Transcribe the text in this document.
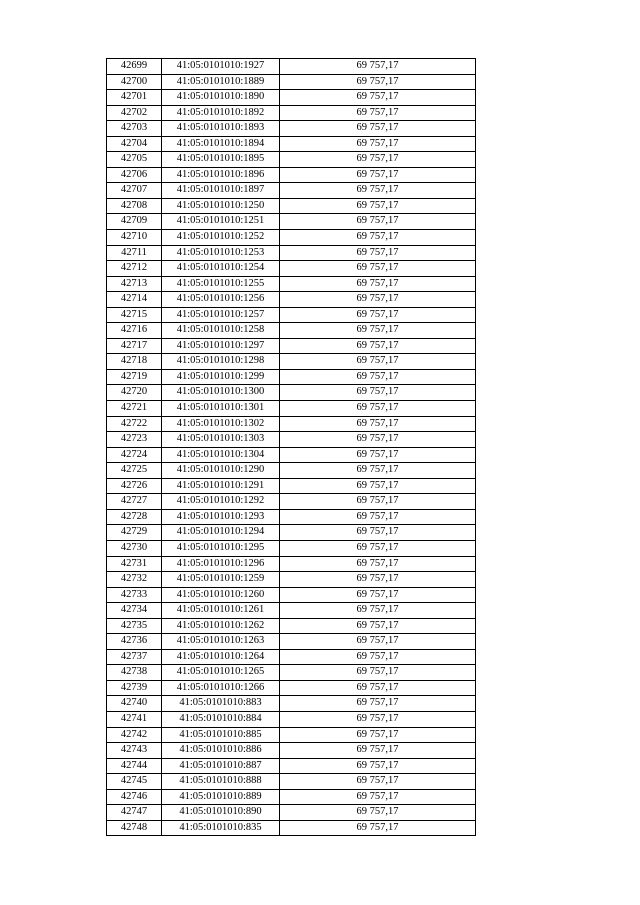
42699	41:05:0101010:1927	69 757,17
42700	41:05:0101010:1889	69 757,17
42701	41:05:0101010:1890	69 757,17
42702	41:05:0101010:1892	69 757,17
42703	41:05:0101010:1893	69 757,17
42704	41:05:0101010:1894	69 757,17
42705	41:05:0101010:1895	69 757,17
42706	41:05:0101010:1896	69 757,17
42707	41:05:0101010:1897	69 757,17
42708	41:05:0101010:1250	69 757,17
42709	41:05:0101010:1251	69 757,17
42710	41:05:0101010:1252	69 757,17
42711	41:05:0101010:1253	69 757,17
42712	41:05:0101010:1254	69 757,17
42713	41:05:0101010:1255	69 757,17
42714	41:05:0101010:1256	69 757,17
42715	41:05:0101010:1257	69 757,17
42716	41:05:0101010:1258	69 757,17
42717	41:05:0101010:1297	69 757,17
42718	41:05:0101010:1298	69 757,17
42719	41:05:0101010:1299	69 757,17
42720	41:05:0101010:1300	69 757,17
42721	41:05:0101010:1301	69 757,17
42722	41:05:0101010:1302	69 757,17
42723	41:05:0101010:1303	69 757,17
42724	41:05:0101010:1304	69 757,17
42725	41:05:0101010:1290	69 757,17
42726	41:05:0101010:1291	69 757,17
42727	41:05:0101010:1292	69 757,17
42728	41:05:0101010:1293	69 757,17
42729	41:05:0101010:1294	69 757,17
42730	41:05:0101010:1295	69 757,17
42731	41:05:0101010:1296	69 757,17
42732	41:05:0101010:1259	69 757,17
42733	41:05:0101010:1260	69 757,17
42734	41:05:0101010:1261	69 757,17
42735	41:05:0101010:1262	69 757,17
42736	41:05:0101010:1263	69 757,17
42737	41:05:0101010:1264	69 757,17
42738	41:05:0101010:1265	69 757,17
42739	41:05:0101010:1266	69 757,17
42740	41:05:0101010:883	69 757,17
42741	41:05:0101010:884	69 757,17
42742	41:05:0101010:885	69 757,17
42743	41:05:0101010:886	69 757,17
42744	41:05:0101010:887	69 757,17
42745	41:05:0101010:888	69 757,17
42746	41:05:0101010:889	69 757,17
42747	41:05:0101010:890	69 757,17
42748	41:05:0101010:835	69 757,17
